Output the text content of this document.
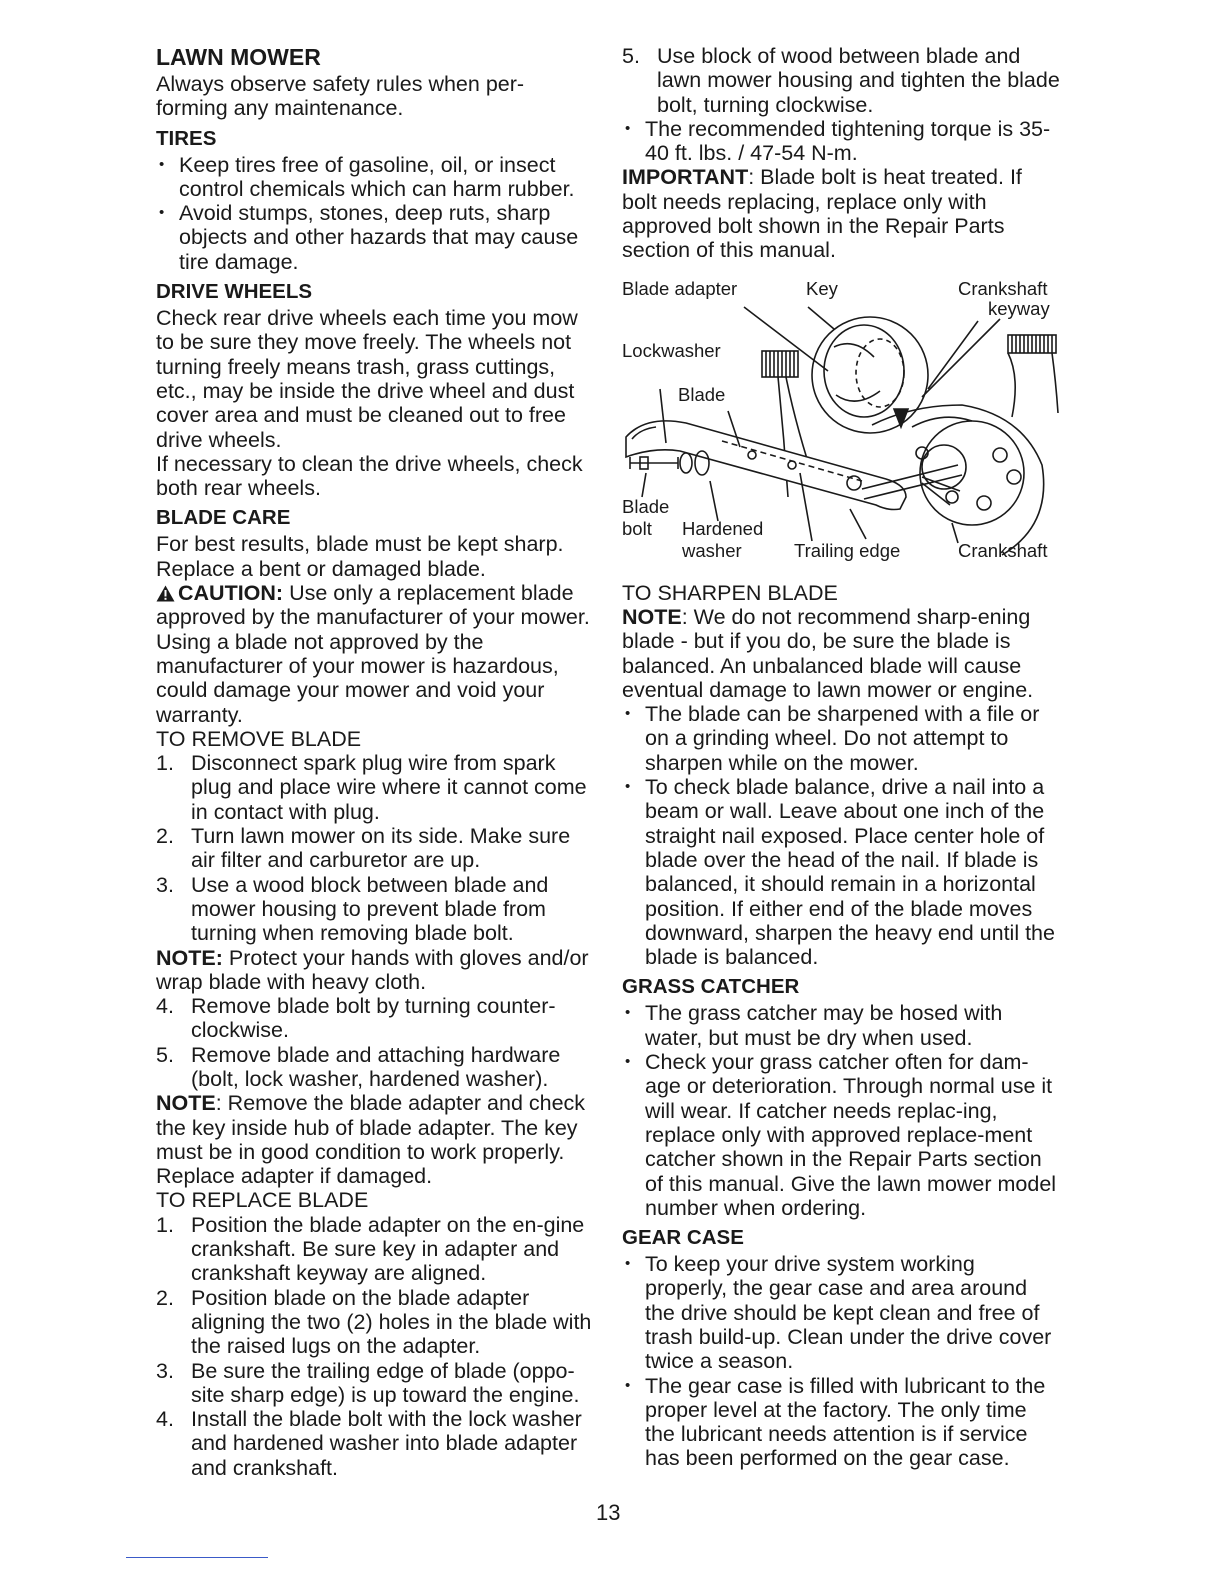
LAWN MOWER

Always observe safety rules when per-forming any maintenance.

TIRES
• Keep tires free of gasoline, oil, or insect control chemicals which can harm rubber.
• Avoid stumps, stones, deep ruts, sharp objects and other hazards that may cause tire damage.
DRIVE WHEELS

Check rear drive wheels each time you mow to be sure they move freely. The wheels not turning freely means trash, grass cuttings, etc., may be inside the drive wheel and dust cover area and must be cleaned out to free drive wheels.

If necessary to clean the drive wheels, check both rear wheels.

BLADE CARE

For best results, blade must be kept sharp. Replace a bent or damaged blade.

CAUTION: Use only a replacement blade approved by the manufacturer of your mower. Using a blade not approved by the manufacturer of your mower is hazardous, could damage your mower and void your warranty.

TO REMOVE BLADE

1. Disconnect spark plug wire from spark plug and place wire where it cannot come in contact with plug.
2. Turn lawn mower on its side. Make sure air filter and carburetor are up.
3. Use a wood block between blade and mower housing to prevent blade from turning when removing blade bolt.

NOTE: Protect your hands with gloves and/or wrap blade with heavy cloth.

4. Remove blade bolt by turning counter-clockwise.
5. Remove blade and attaching hardware (bolt, lock washer, hardened washer).

NOTE: Remove the blade adapter and check the key inside hub of blade adapter. The key must be in good condition to work properly. Replace adapter if damaged.

TO REPLACE BLADE

1. Position the blade adapter on the en-gine crankshaft. Be sure key in adapter and crankshaft keyway are aligned.
2. Position blade on the blade adapter aligning the two (2) holes in the blade with the raised lugs on the adapter.
3. Be sure the trailing edge of blade (oppo-site sharp edge) is up toward the engine.
4. Install the blade bolt with the lock washer and hardened washer into blade adapter and crankshaft.
5. Use block of wood between blade and lawn mower housing and tighten the blade bolt, turning clockwise.
• The recommended tightening torque is 35-40 ft. lbs. / 47-54 N-m.

IMPORTANT: Blade bolt is heat treated. If bolt needs replacing, replace only with approved bolt shown in the Repair Parts section of this manual.

Blade adapter	Key	Crankshaft
keyway
Lockwasher
Blade
Blade
bolt Hardened
washer	Trailing edge	Crankshaft

TO SHARPEN BLADE

NOTE: We do not recommend sharp-ening blade - but if you do, be sure the blade is balanced. An unbalanced blade will cause eventual damage to lawn mower or engine.

• The blade can be sharpened with a file or on a grinding wheel. Do not attempt to sharpen while on the mower.
• To check blade balance, drive a nail into a beam or wall. Leave about one inch of the straight nail exposed. Place center hole of blade over the head of the nail. If blade is balanced, it should remain in a horizontal position. If either end of the blade moves downward, sharpen the heavy end until the blade is balanced.
GRASS CATCHER
• The grass catcher may be hosed with water, but must be dry when used.
• Check your grass catcher often for dam-age or deterioration. Through normal use it will wear. If catcher needs replac-ing, replace only with approved replace-ment catcher shown in the Repair Parts section of this manual. Give the lawn mower model number when ordering.
GEAR CASE
• To keep your drive system working properly, the gear case and area around the drive should be kept clean and free of trash build-up. Clean under the drive cover twice a season.
• The gear case is filled with lubricant to the proper level at the factory. The only time the lubricant needs attention is if service has been performed on the gear case.
13
